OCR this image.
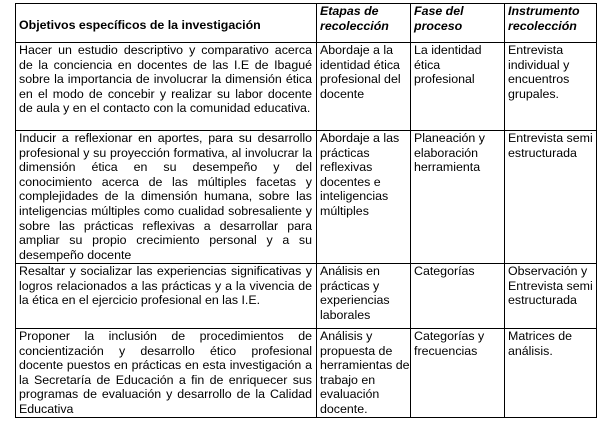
Objetivos específicos de la investigación	Etapas de recolección	Fase del proceso	Instrumento recolección
Hacer un estudio descriptivo y comparativo acerca de la conciencia en docentes de las I.E de Ibagué sobre la importancia de involucrar la dimensión ética en el modo de concebir y realizar su labor docente de aula y en el contacto con la comunidad educativa.	Abordaje a la identidad ética profesional del docente	La identidad ética profesional	Entrevista individual y encuentros grupales.
Inducir a reflexionar en aportes, para su desarrollo profesional y su proyección formativa, al involucrar la dimensión ética en su desempeño y del conocimiento acerca de las múltiples facetas y complejidades de la dimensión humana, sobre las inteligencias múltiples como cualidad sobresaliente y sobre las prácticas reflexivas a desarrollar para ampliar su propio crecimiento personal y a su desempeño docente	Abordaje a las prácticas reflexivas docentes e inteligencias múltiples	Planeación y elaboración herramienta	Entrevista semiestructurada
Resaltar y socializar las experiencias significativas y logros relacionados a las prácticas y a la vivencia de la ética en el ejercicio profesional en las I.E.	Análisis en prácticas y experiencias laborales	Categorías	Observación y Entrevista semiestructurada
Proponer la inclusión de procedimientos de concientización y desarrollo ético profesional docente puestos en prácticas en esta investigación a la Secretaría de Educación a fin de enriquecer sus programas de evaluación y desarrollo de la Calidad Educativa	Análisis y propuesta de herramientas de trabajo en evaluación docente.	Categorías y frecuencias	Matrices de análisis.
